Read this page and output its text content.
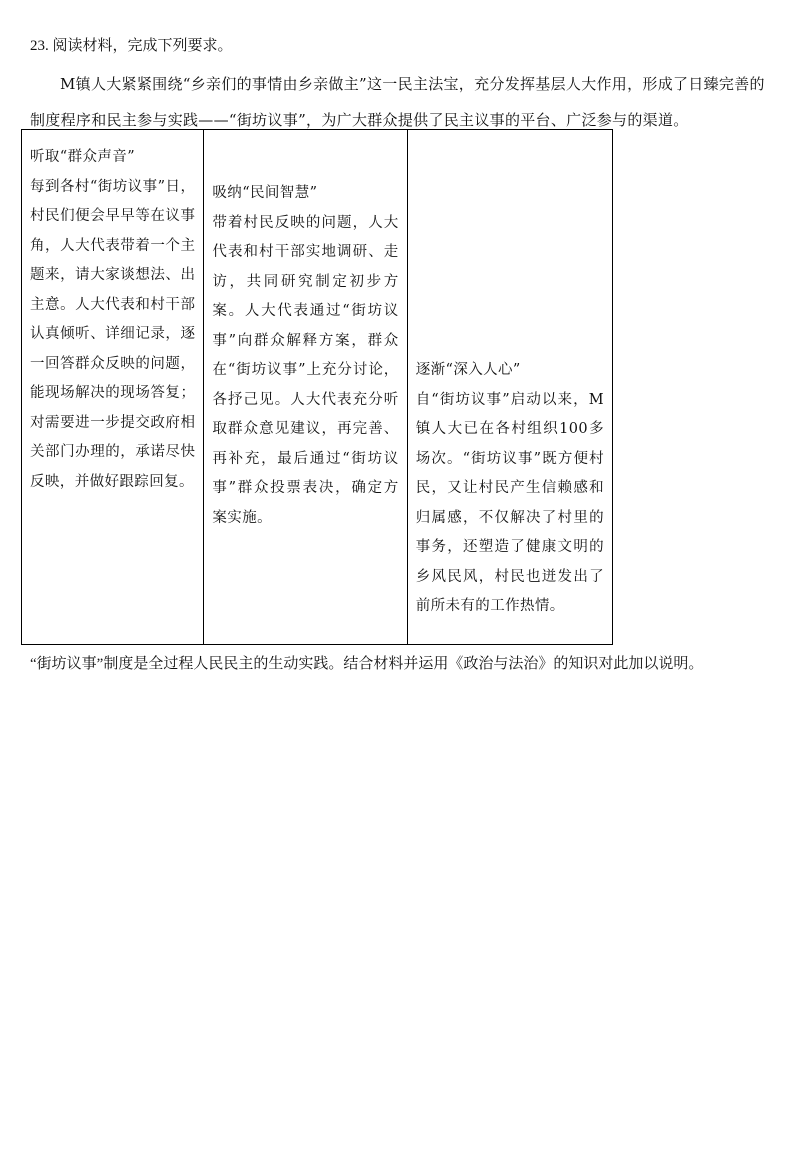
23. 阅读材料，完成下列要求。
M镇人大紧紧围绕“乡亲们的事情由乡亲做主”这一民主法宝，充分发挥基层人大作用，形成了日臻完善的制度程序和民主参与实践——“街坊议事”，为广大群众提供了民主议事的平台、广泛参与的渠道。
听取“群众声音”
每到各村“街坊议事”日，村民们便会早早等在议事角，人大代表带着一个主题来，请大家谈想法、出主意。人大代表和村干部认真倾听、详细记录，逐一回答群众反映的问题，能现场解决的现场答复；对需要进一步提交政府相关部门办理的，承诺尽快反映，并做好跟踪回复。
吸纳“民间智慧”
带着村民反映的问题，人大代表和村干部实地调研、走访，共同研究制定初步方案。人大代表通过“街坊议事”向群众解释方案，群众在“街坊议事”上充分讨论，各抒己见。人大代表充分听取群众意见建议，再完善、再补充，最后通过“街坊议事”群众投票表决，确定方案实施。
逐渐“深入人心”
自“街坊议事”启动以来，M镇人大已在各村组织100多场次。“街坊议事”既方便村民，又让村民产生信赖感和归属感，不仅解决了村里的事务，还塑造了健康文明的乡风民风，村民也迸发出了前所未有的工作热情。
“街坊议事”制度是全过程人民民主的生动实践。结合材料并运用《政治与法治》的知识对此加以说明。
